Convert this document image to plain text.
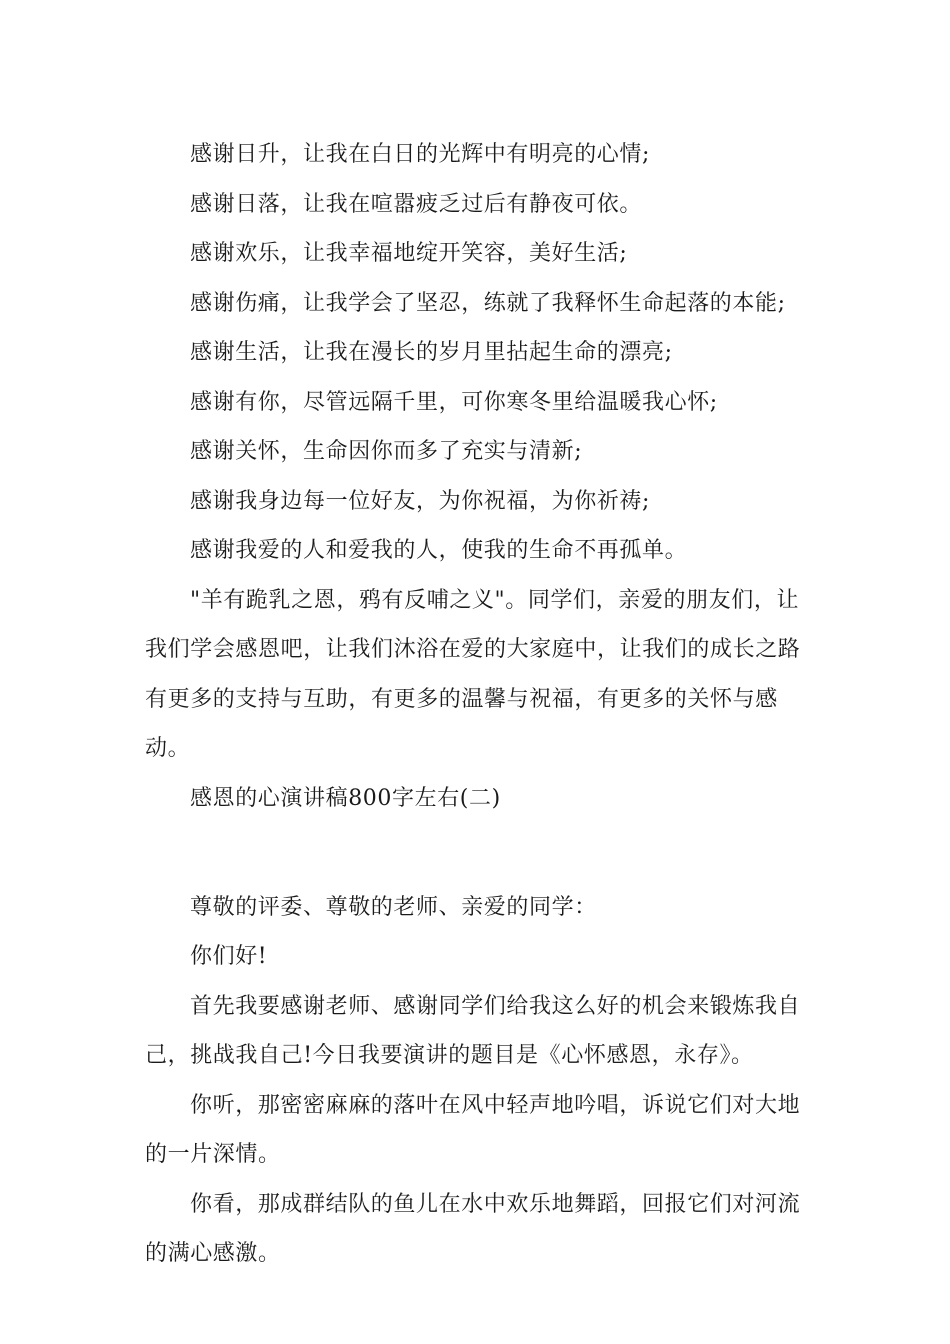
感谢日升，让我在白日的光辉中有明亮的心情;

感谢日落，让我在喧嚣疲乏过后有静夜可依。

感谢欢乐，让我幸福地绽开笑容，美好生活;

感谢伤痛，让我学会了坚忍，练就了我释怀生命起落的本能;

感谢生活，让我在漫长的岁月里拈起生命的漂亮;

感谢有你，尽管远隔千里，可你寒冬里给温暖我心怀;

感谢关怀，生命因你而多了充实与清新;

感谢我身边每一位好友，为你祝福，为你祈祷;

感谢我爱的人和爱我的人，使我的生命不再孤单。

"羊有跪乳之恩，鸦有反哺之义"。同学们，亲爱的朋友们，让我们学会感恩吧，让我们沐浴在爱的大家庭中，让我们的成长之路有更多的支持与互助，有更多的温馨与祝福，有更多的关怀与感动。

感恩的心演讲稿800字左右(二)

尊敬的评委、尊敬的老师、亲爱的同学：

你们好!

首先我要感谢老师、感谢同学们给我这么好的机会来锻炼我自己，挑战我自己!今日我要演讲的题目是《心怀感恩，永存》。

你听，那密密麻麻的落叶在风中轻声地吟唱，诉说它们对大地的一片深情。

你看，那成群结队的鱼儿在水中欢乐地舞蹈，回报它们对河流的满心感激。
